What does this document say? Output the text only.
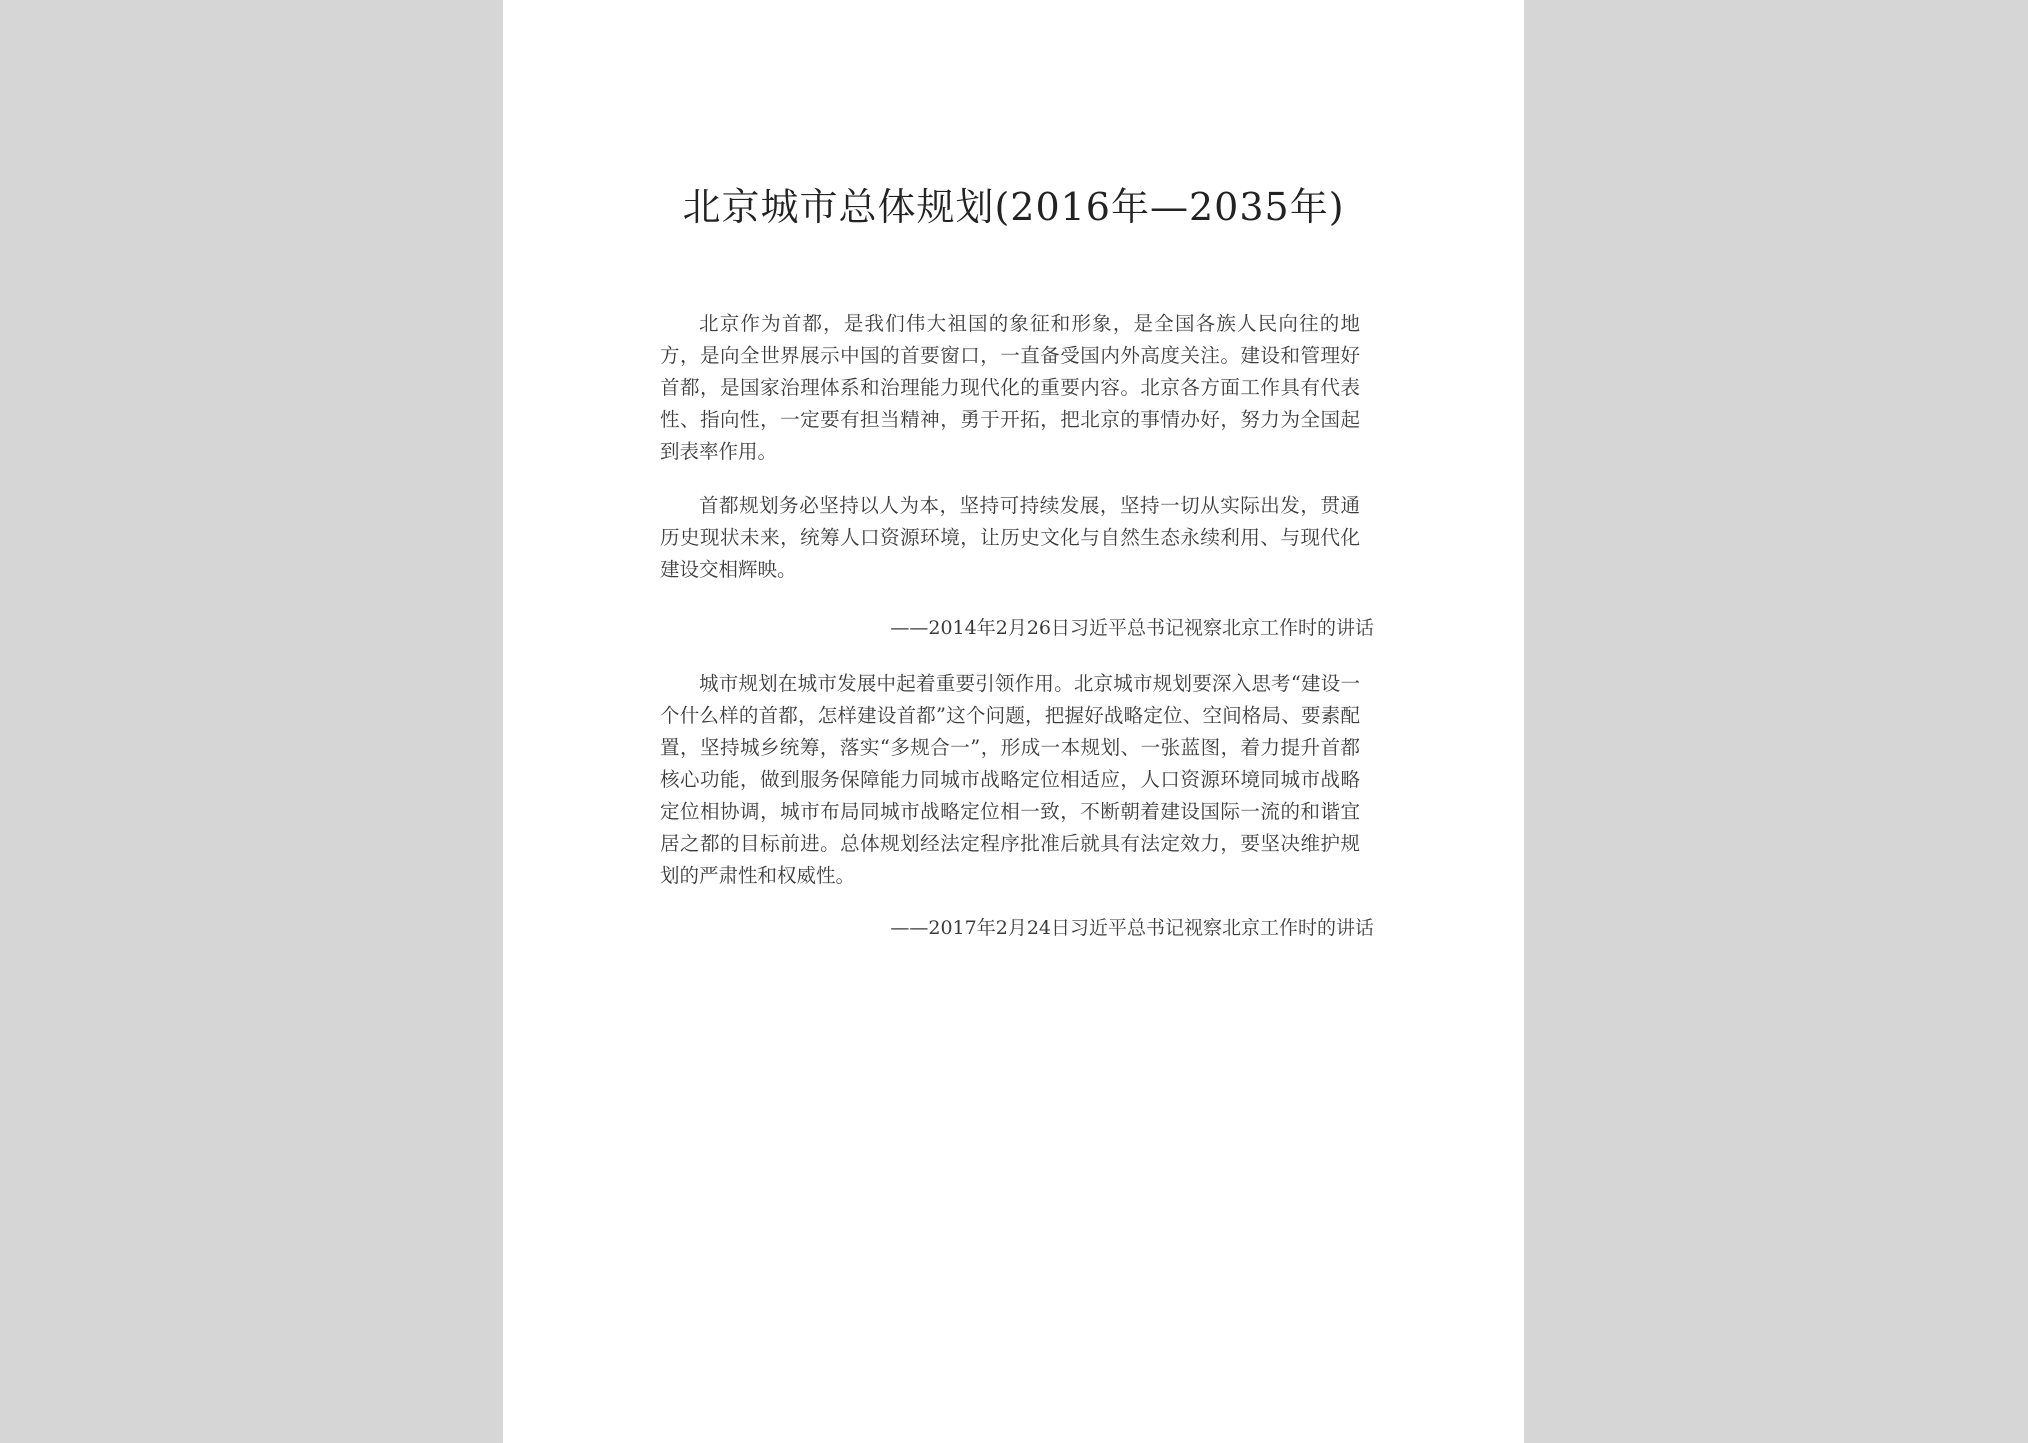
北京城市总体规划(2016年—2035年)

北京作为首都，是我们伟大祖国的象征和形象，是全国各族人民向往的地方，是向全世界展示中国的首要窗口，一直备受国内外高度关注。建设和管理好首都，是国家治理体系和治理能力现代化的重要内容。北京各方面工作具有代表性、指向性，一定要有担当精神，勇于开拓，把北京的事情办好，努力为全国起到表率作用。

首都规划务必坚持以人为本，坚持可持续发展，坚持一切从实际出发，贯通历史现状未来，统筹人口资源环境，让历史文化与自然生态永续利用、与现代化建设交相辉映。

——2014年2月26日习近平总书记视察北京工作时的讲话

城市规划在城市发展中起着重要引领作用。北京城市规划要深入思考“建设一个什么样的首都，怎样建设首都”这个问题，把握好战略定位、空间格局、要素配置，坚持城乡统筹，落实“多规合一”，形成一本规划、一张蓝图，着力提升首都核心功能，做到服务保障能力同城市战略定位相适应，人口资源环境同城市战略定位相协调，城市布局同城市战略定位相一致，不断朝着建设国际一流的和谐宜居之都的目标前进。总体规划经法定程序批准后就具有法定效力，要坚决维护规划的严肃性和权威性。

——2017年2月24日习近平总书记视察北京工作时的讲话
